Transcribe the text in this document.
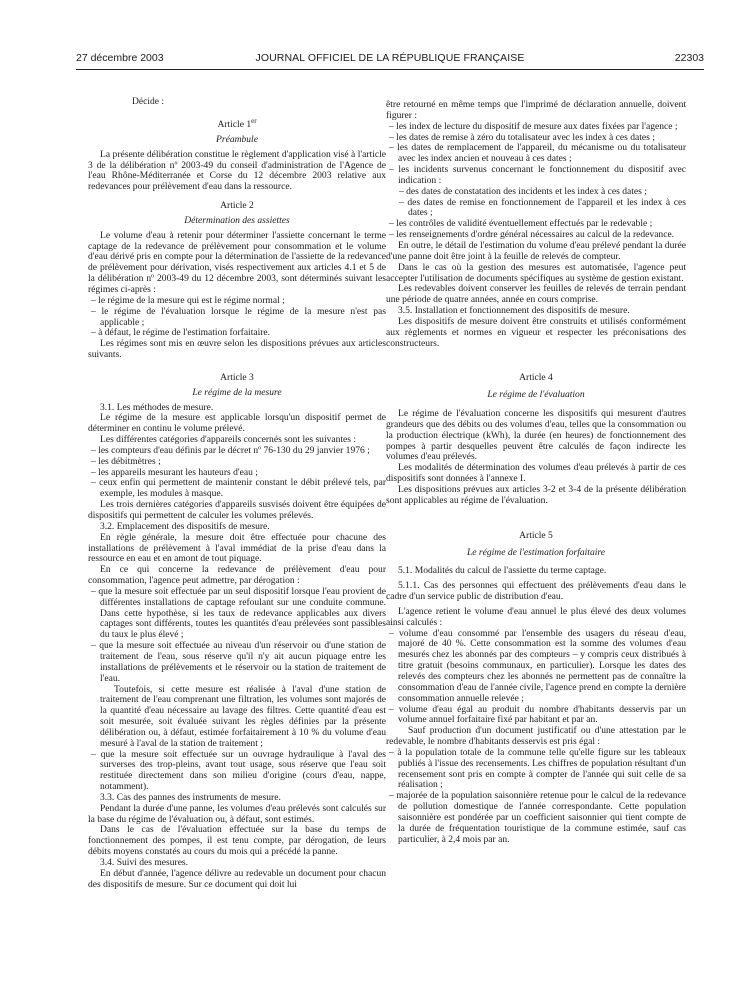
27 décembre 2003	JOURNAL OFFICIEL DE LA RÉPUBLIQUE FRANÇAISE	22303

Décide :

Article 1er

Préambule

La présente délibération constitue le règlement d'application visé à l'article 3 de la délibération nº 2003-49 du conseil d'administration de l'Agence de l'eau Rhône-Méditerranée et Corse du 12 décembre 2003 relative aux redevances pour prélèvement d'eau dans la ressource.

Article 2

Détermination des assiettes

Le volume d'eau à retenir pour déterminer l'assiette concernant le terme captage de la redevance de prélèvement pour consommation et le volume d'eau dérivé pris en compte pour la détermination de l'assiette de la redevance de prélèvement pour dérivation, visés respectivement aux articles 4.1 et 5 de la délibération nº 2003-49 du 12 décembre 2003, sont déterminés suivant les régimes ci-après :

– le régime de la mesure qui est le régime normal ;

– le régime de l'évaluation lorsque le régime de la mesure n'est pas applicable ;

– à défaut, le régime de l'estimation forfaitaire.

Les régimes sont mis en œuvre selon les dispositions prévues aux articles suivants.

Article 3

Le régime de la mesure

3.1. Les méthodes de mesure.

Le régime de la mesure est applicable lorsqu'un dispositif permet de déterminer en continu le volume prélevé.

Les différentes catégories d'appareils concernés sont les suivantes :

– les compteurs d'eau définis par le décret nº 76-130 du 29 janvier 1976 ;

– les débitmètres ;

– les appareils mesurant les hauteurs d'eau ;

– ceux enfin qui permettent de maintenir constant le débit prélevé tels, par exemple, les modules à masque.

Les trois dernières catégories d'appareils susvisés doivent être équipées de dispositifs qui permettent de calculer les volumes prélevés.

3.2. Emplacement des dispositifs de mesure.

En règle générale, la mesure doit être effectuée pour chacune des installations de prélèvement à l'aval immédiat de la prise d'eau dans la ressource en eau et en amont de tout piquage.

En ce qui concerne la redevance de prélèvement d'eau pour consommation, l'agence peut admettre, par dérogation :

– que la mesure soit effectuée par un seul dispositif lorsque l'eau provient de différentes installations de captage refoulant sur une conduite commune. Dans cette hypothèse, si les taux de redevance applicables aux divers captages sont différents, toutes les quantités d'eau prélevées sont passibles du taux le plus élevé ;

– que la mesure soit effectuée au niveau d'un réservoir ou d'une station de traitement de l'eau, sous réserve qu'il n'y ait aucun piquage entre les installations de prélèvements et le réservoir ou la station de traitement de l'eau.

Toutefois, si cette mesure est réalisée à l'aval d'une station de traitement de l'eau comprenant une filtration, les volumes sont majorés de la quantité d'eau nécessaire au lavage des filtres. Cette quantité d'eau est soit mesurée, soit évaluée suivant les règles définies par la présente délibération ou, à défaut, estimée forfaitairement à 10 % du volume d'eau mesuré à l'aval de la station de traitement ;

– que la mesure soit effectuée sur un ouvrage hydraulique à l'aval des surverses des trop-pleins, avant tout usage, sous réserve que l'eau soit restituée directement dans son milieu d'origine (cours d'eau, nappe, notamment).

3.3. Cas des pannes des instruments de mesure.

Pendant la durée d'une panne, les volumes d'eau prélevés sont calculés sur la base du régime de l'évaluation ou, à défaut, sont estimés.

Dans le cas de l'évaluation effectuée sur la base du temps de fonctionnement des pompes, il est tenu compte, par dérogation, de leurs débits moyens constatés au cours du mois qui a précédé la panne.

3.4. Suivi des mesures.

En début d'année, l'agence délivre au redevable un document pour chacun des dispositifs de mesure. Sur ce document qui doit lui

être retourné en même temps que l'imprimé de déclaration annuelle, doivent figurer :

– les index de lecture du dispositif de mesure aux dates fixées par l'agence ;

– les dates de remise à zéro du totalisateur avec les index à ces dates ;

– les dates de remplacement de l'appareil, du mécanisme ou du totalisateur avec les index ancien et nouveau à ces dates ;

– les incidents survenus concernant le fonctionnement du dispositif avec indication :

– des dates de constatation des incidents et les index à ces dates ;

– des dates de remise en fonctionnement de l'appareil et les index à ces dates ;

– les contrôles de validité éventuellement effectués par le redevable ;

– les renseignements d'ordre général nécessaires au calcul de la redevance.

En outre, le détail de l'estimation du volume d'eau prélevé pendant la durée d'une panne doit être joint à la feuille de relevés de compteur.

Dans le cas où la gestion des mesures est automatisée, l'agence peut accepter l'utilisation de documents spécifiques au système de gestion existant.

Les redevables doivent conserver les feuilles de relevés de terrain pendant une période de quatre années, année en cours comprise.

3.5. Installation et fonctionnement des dispositifs de mesure.

Les dispositifs de mesure doivent être construits et utilisés conformément aux règlements et normes en vigueur et respecter les préconisations des constructeurs.

Article 4

Le régime de l'évaluation

Le régime de l'évaluation concerne les dispositifs qui mesurent d'autres grandeurs que des débits ou des volumes d'eau, telles que la consommation ou la production électrique (kWh), la durée (en heures) de fonctionnement des pompes à partir desquelles peuvent être calculés de façon indirecte les volumes d'eau prélevés.

Les modalités de détermination des volumes d'eau prélevés à partir de ces dispositifs sont données à l'annexe I.

Les dispositions prévues aux articles 3-2 et 3-4 de la présente délibération sont applicables au régime de l'évaluation.

Article 5

Le régime de l'estimation forfaitaire

5.1. Modalités du calcul de l'assiette du terme captage.

5.1.1. Cas des personnes qui effectuent des prélèvements d'eau dans le cadre d'un service public de distribution d'eau.

L'agence retient le volume d'eau annuel le plus élevé des deux volumes ainsi calculés :

– volume d'eau consommé par l'ensemble des usagers du réseau d'eau, majoré de 40 %. Cette consommation est la somme des volumes d'eau mesurés chez les abonnés par des compteurs – y compris ceux distribués à titre gratuit (besoins communaux, en particulier). Lorsque les dates des relevés des compteurs chez les abonnés ne permettent pas de connaître la consommation d'eau de l'année civile, l'agence prend en compte la dernière consommation annuelle relevée ;

– volume d'eau égal au produit du nombre d'habitants desservis par un volume annuel forfaitaire fixé par habitant et par an.

Sauf production d'un document justificatif ou d'une attestation par le redevable, le nombre d'habitants desservis est pris égal :

– à la population totale de la commune telle qu'elle figure sur les tableaux publiés à l'issue des recensements. Les chiffres de population résultant d'un recensement sont pris en compte à compter de l'année qui suit celle de sa réalisation ;

– majorée de la population saisonnière retenue pour le calcul de la redevance de pollution domestique de l'année correspondante. Cette population saisonnière est pondérée par un coefficient saisonnier qui tient compte de la durée de fréquentation touristique de la commune estimée, sauf cas particulier, à 2,4 mois par an.
